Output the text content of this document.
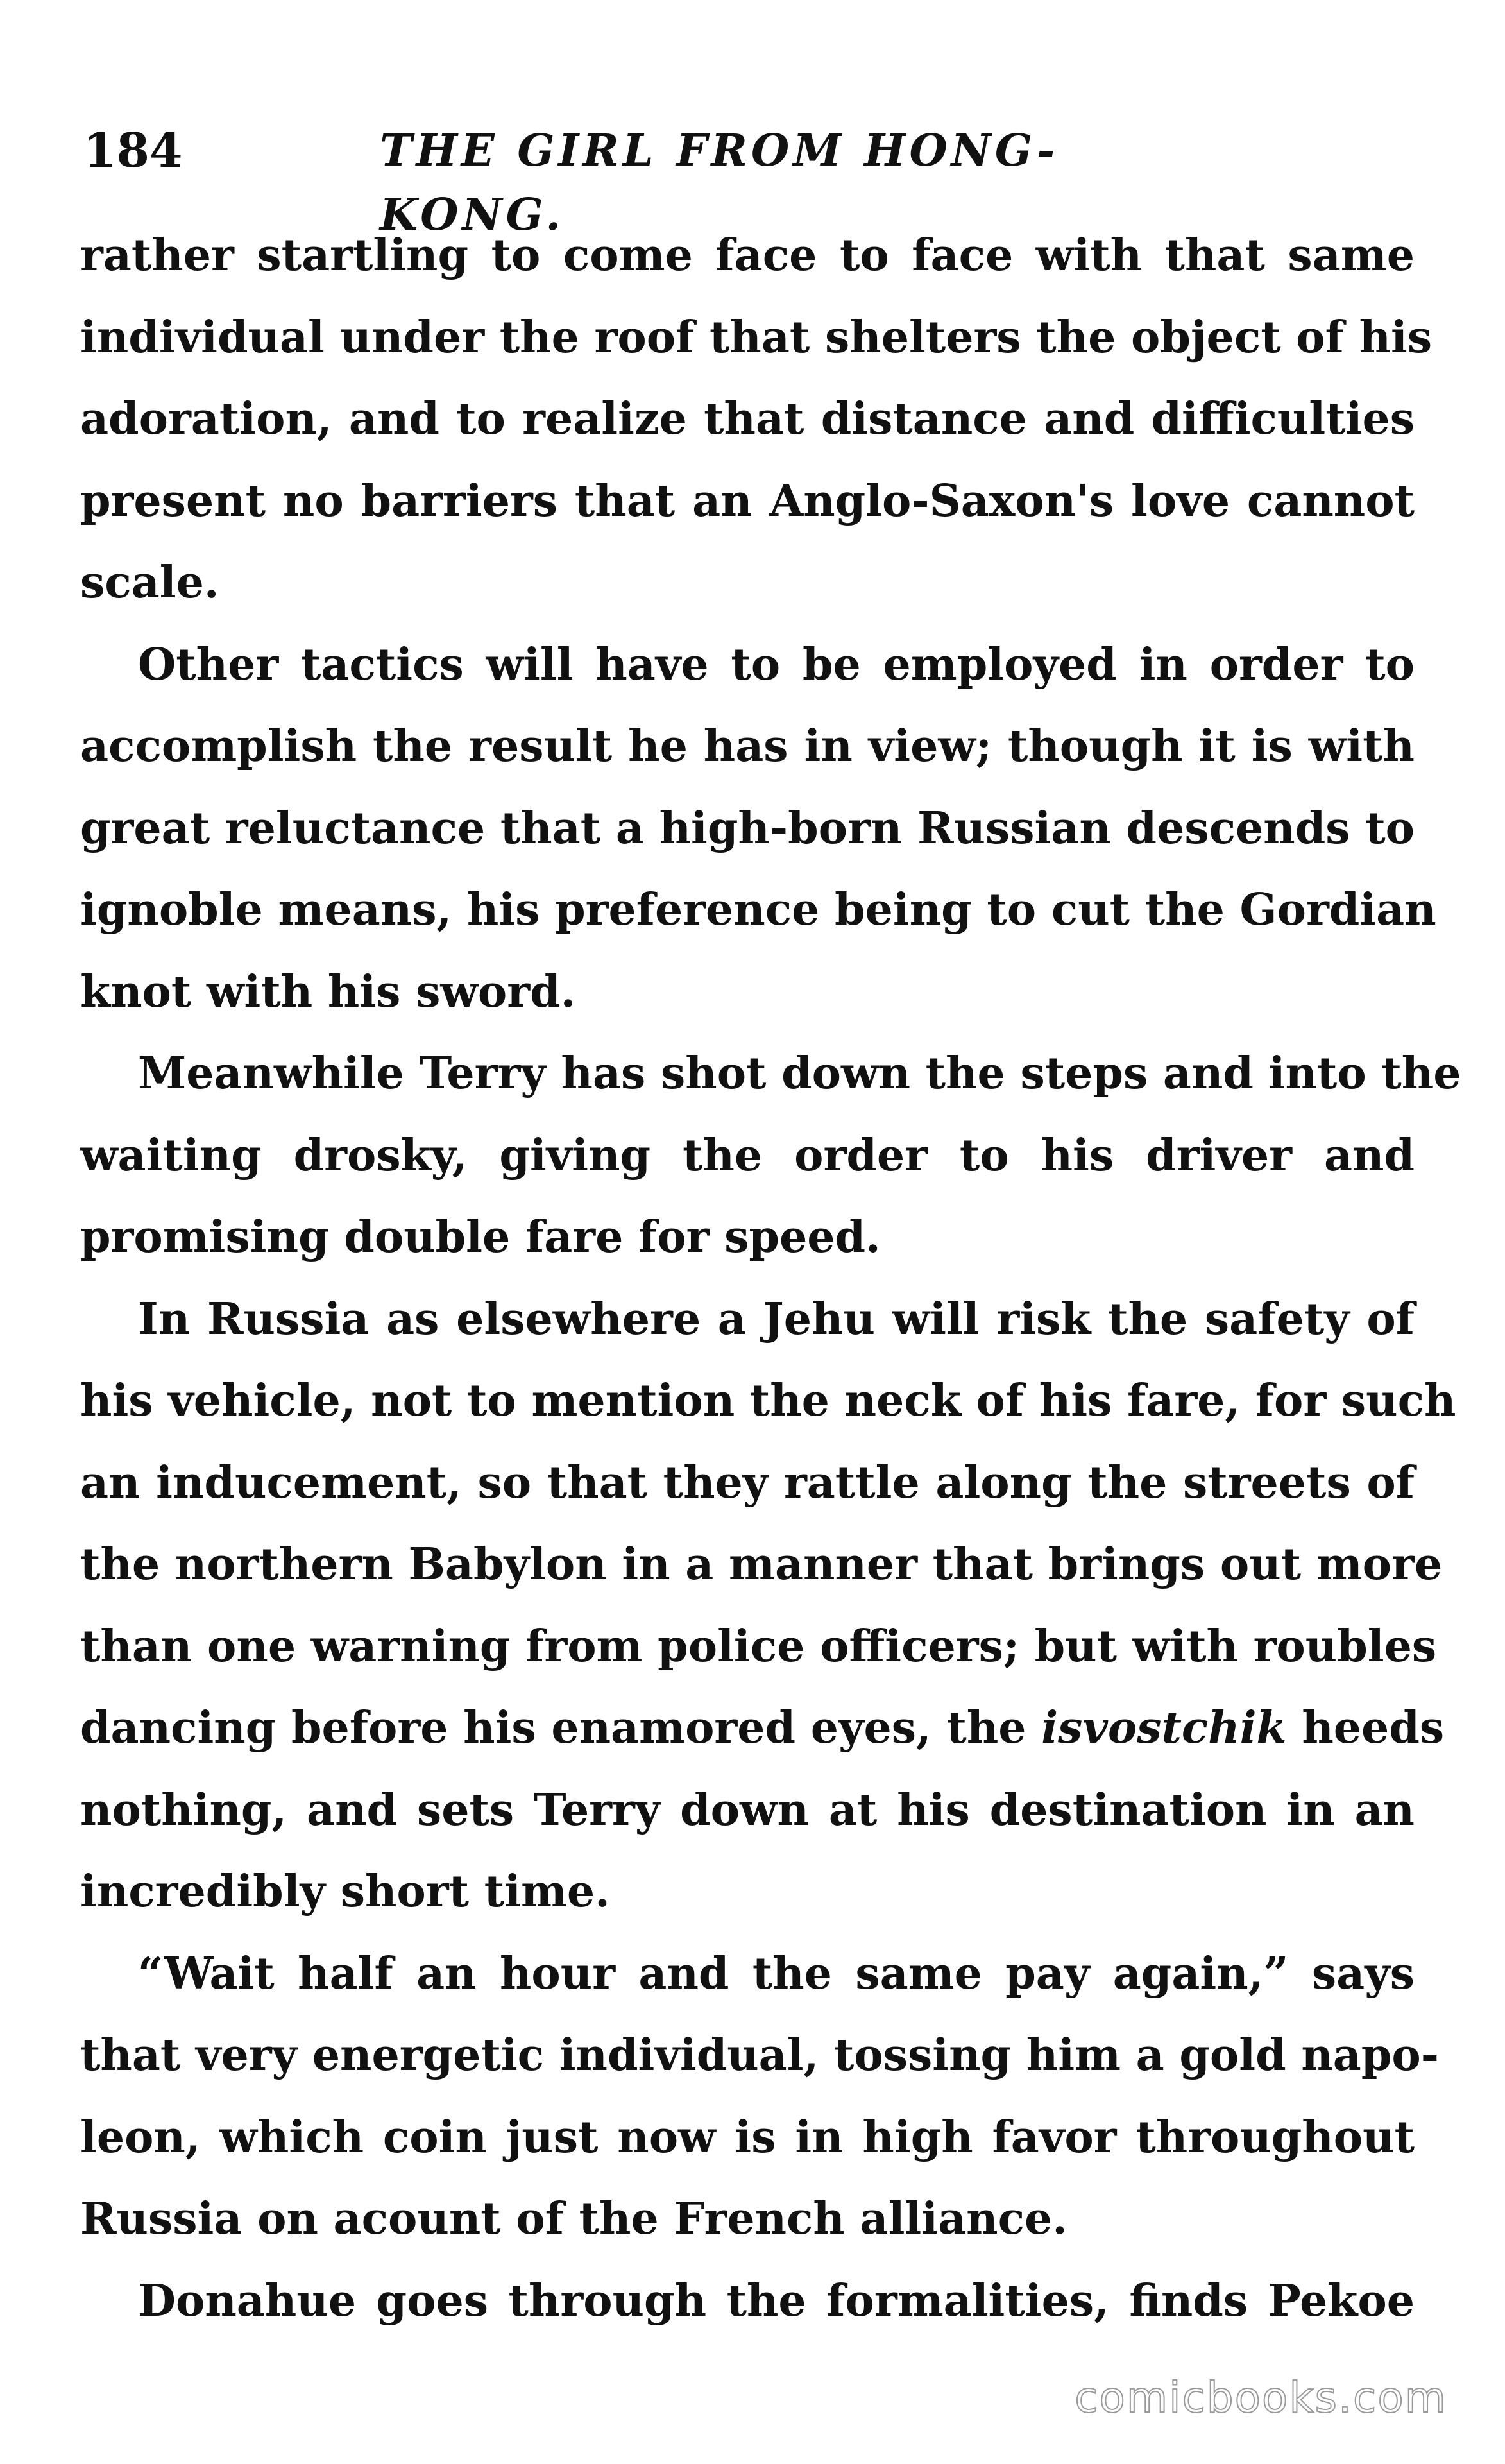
184	THE GIRL FROM HONG-KONG.
rather startling to come face to face with that same
individual under the roof that shelters the object of his
adoration, and to realize that distance and difficulties
present no barriers that an Anglo-Saxon's love cannot
scale.
Other tactics will have to be employed in order to
accomplish the result he has in view; though it is with
great reluctance that a high-born Russian descends to
ignoble means, his preference being to cut the Gordian
knot with his sword.
Meanwhile Terry has shot down the steps and into the
waiting drosky, giving the order to his driver and
promising double fare for speed.
In Russia as elsewhere a Jehu will risk the safety of
his vehicle, not to mention the neck of his fare, for such
an inducement, so that they rattle along the streets of
the northern Babylon in a manner that brings out more
than one warning from police officers; but with roubles
dancing before his enamored eyes, the isvostchik heeds
nothing, and sets Terry down at his destination in an
incredibly short time.
“Wait half an hour and the same pay again,” says
that very energetic individual, tossing him a gold napo-
leon, which coin just now is in high favor throughout
Russia on acount of the French alliance.
Donahue goes through the formalities, finds Pekoe
comicbooks.com
